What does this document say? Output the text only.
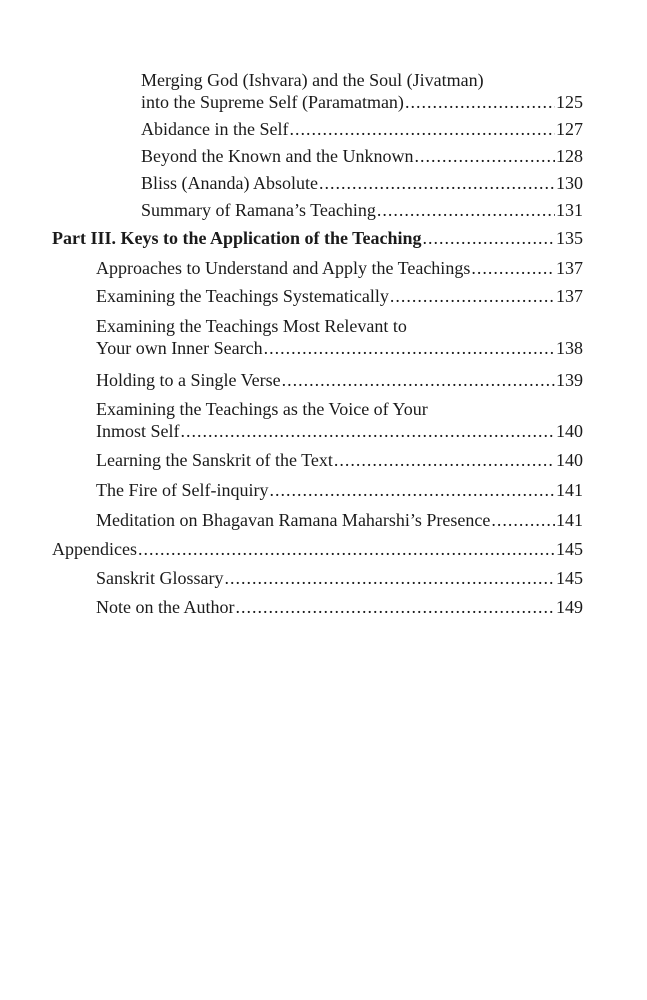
Merging God (Ishvara) and the Soul (Jivatman)
into the Supreme Self (Paramatman) .....	125
Abidance in the Self .....	127
Beyond the Known and the Unknown .....	128
Bliss (Ananda) Absolute .....	130
Summary of Ramana’s Teaching .....	131
Part III. Keys to the Application of the Teaching .....	135
Approaches to Understand and Apply the Teachings .....	137
Examining the Teachings Systematically .....	137
Examining the Teachings Most Relevant to
Your own Inner Search .....	138
Holding to a Single Verse .....	139
Examining the Teachings as the Voice of Your
Inmost Self .....	140
Learning the Sanskrit of the Text .....	140
The Fire of Self-inquiry .....	141
Meditation on Bhagavan Ramana Maharshi’s Presence .....	141
Appendices .....	145
Sanskrit Glossary .....	145
Note on the Author .....	149
